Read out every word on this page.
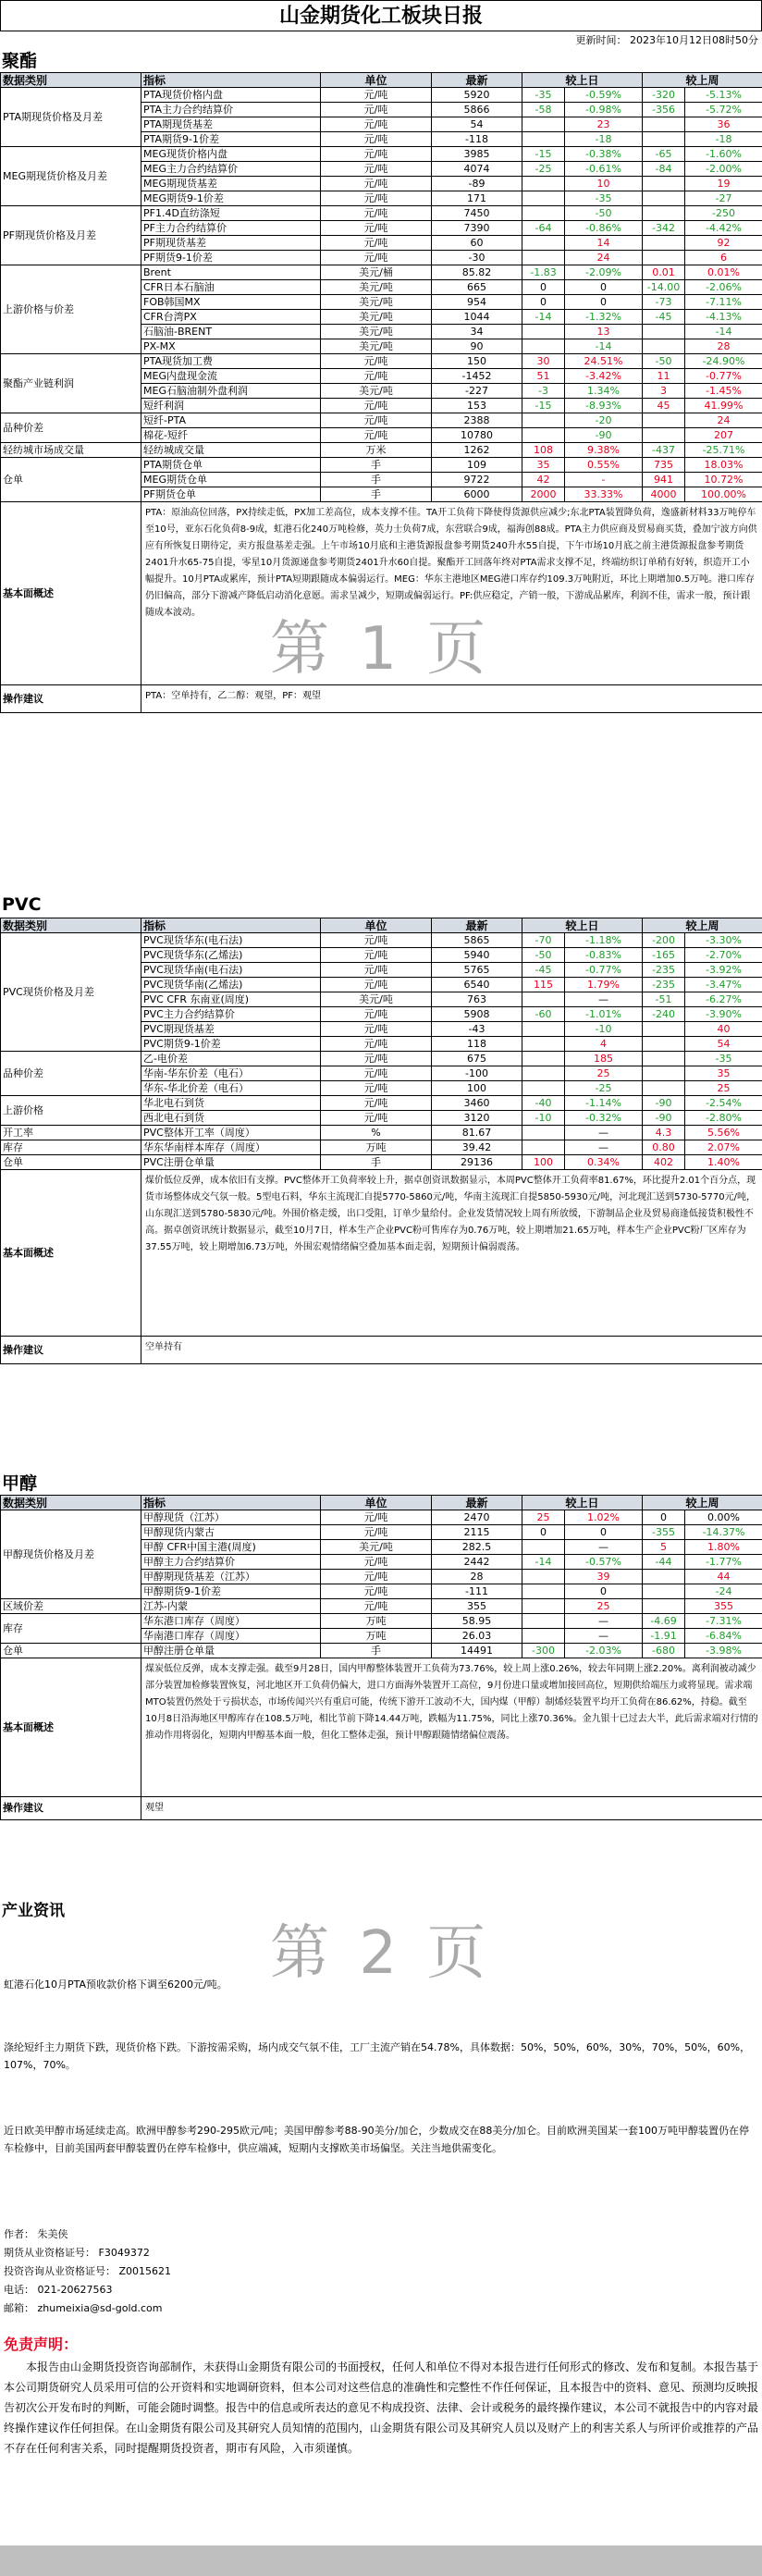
山金期货化工板块日报
更新时间： 2023年10月12日08时50分
聚酯
数据类别	指标	单位	最新	较上日		较上周	
PTA期现货价格及月差	PTA现货价格内盘	元/吨	5920	-35	-0.59%	-320	-5.13%
	PTA主力合约结算价	元/吨	5866	-58	-0.98%	-356	-5.72%
	PTA期现货基差	元/吨	54		23		36
	PTA期货9-1价差	元/吨	-118		-18		-18
MEG期现货价格及月差	MEG现货价格内盘	元/吨	3985	-15	-0.38%	-65	-1.60%
	MEG主力合约结算价	元/吨	4074	-25	-0.61%	-84	-2.00%
	MEG期现货基差	元/吨	-89		10		19
	MEG期货9-1价差	元/吨	171		-35		-27
PF期现货价格及月差	PF1.4D直纺涤短	元/吨	7450		-50		-250
	PF主力合约结算价	元/吨	7390	-64	-0.86%	-342	-4.42%
	PF期现货基差	元/吨	60		14		92
	PF期货9-1价差	元/吨	-30		24		6
上游价格与价差	Brent	美元/桶	85.82	-1.83	-2.09%	0.01	0.01%
	CFR日本石脑油	美元/吨	665	0	0	-14.00	-2.06%
	FOB韩国MX	美元/吨	954	0	0	-73	-7.11%
	CFR台湾PX	美元/吨	1044	-14	-1.32%	-45	-4.13%
	石脑油-BRENT	美元/吨	34		13		-14
	PX-MX	美元/吨	90		-14		28
聚酯产业链利润	PTA现货加工费	元/吨	150	30	24.51%	-50	-24.90%
	MEG内盘现金流	元/吨	-1452	51	-3.42%	11	-0.77%
	MEG石脑油制外盘利润	美元/吨	-227	-3	1.34%	3	-1.45%
	短纤利润	元/吨	153	-15	-8.93%	45	41.99%
品种价差	短纤-PTA	元/吨	2388		-20		24
	棉花-短纤	元/吨	10780		-90		207
轻纺城市场成交量	轻纺城成交量	万米	1262	108	9.38%	-437	-25.71%
仓单	PTA期货仓单	手	109	35	0.55%	735	18.03%
	MEG期货仓单	手	9722	42	-	941	10.72%
	PF期货仓单	手	6000	2000	33.33%	4000	100.00%
基本面概述	PTA：原油高位回落，PX持续走低，PX加工差高位，成本支撑不佳。TA开工负荷下降使得货源供应减少;东北PTA装置降负荷，逸盛新材料33万吨停车至10号，亚东石化负荷8-9成，虹港石化240万吨检修，英力士负荷7成，东营联合9成，福海创88成。PTA主力供应商及贸易商买货，叠加宁波方向供应有所恢复日期待定，卖方报盘基差走强。上午市场10月底和主港货源报盘参考期货240升水55自提，下午市场10月底之前主港货源报盘参考期货2401升水65-75自提，零星10月货源递盘参考期货2401升水60自提。聚酯开工回落年终对PTA需求支撑不足，终端纺织订单稍有好转，织造开工小幅提升。10月PTA或累库，预计PTA短期跟随成本偏弱运行。MEG：华东主港地区MEG港口库存约109.3万吨附近，环比上期增加0.5万吨。港口库存仍旧偏高，部分下游减产降低启动消化意愿。需求呈减少，短期或偏弱运行。PF:供应稳定，产销一般，下游成品累库，利润不佳，需求一般，预计跟随成本波动。						
操作建议	PTA：空单持有，乙二醇：观望，PF：观望						
第 1 页
PVC
数据类别	指标	单位	最新	较上日		较上周	
PVC现货价格及月差	PVC现货华东(电石法)	元/吨	5865	-70	-1.18%	-200	-3.30%
	PVC现货华东(乙烯法)	元/吨	5940	-50	-0.83%	-165	-2.70%
	PVC现货华南(电石法)	元/吨	5765	-45	-0.77%	-235	-3.92%
	PVC现货华南(乙烯法)	元/吨	6540	115	1.79%	-235	-3.47%
	PVC CFR 东南亚(周度)	美元/吨	763		—	-51	-6.27%
	PVC主力合约结算价	元/吨	5908	-60	-1.01%	-240	-3.90%
	PVC期现货基差	元/吨	-43		-10		40
	PVC期货9-1价差	元/吨	118		4		54
品种价差	乙-电价差	元/吨	675		185		-35
	华南-华东价差（电石）	元/吨	-100		25		35
	华东-华北价差（电石）	元/吨	100		-25		25
上游价格	华北电石到货	元/吨	3460	-40	-1.14%	-90	-2.54%
	西北电石到货	元/吨	3120	-10	-0.32%	-90	-2.80%
开工率	PVC整体开工率（周度）	%	81.67		—	4.3	5.56%
库存	华东华南样本库存（周度）	万吨	39.42		—	0.80	2.07%
仓单	PVC注册仓单量	手	29136	100	0.34%	402	1.40%
基本面概述	煤价低位反弹，成本依旧有支撑。PVC整体开工负荷率较上升，据卓创资讯数据显示，本周PVC整体开工负荷率81.67%，环比提升2.01个百分点，现货市场整体成交气氛一般。5型电石料，华东主流现汇自提5770-5860元/吨，华南主流现汇自提5850-5930元/吨，河北现汇送到5730-5770元/吨，山东现汇送到5780-5830元/吨。外围价格走缓，出口受阻，订单少量给付。企业发货情况较上周有所放缓，下游制品企业及贸易商逢低接货积极性不高。据卓创资讯统计数据显示，截至10月7日，样本生产企业PVC粉可售库存为0.76万吨，较上期增加21.65万吨，样本生产企业PVC粉厂区库存为37.55万吨，较上期增加6.73万吨，外围宏观情绪偏空叠加基本面走弱，短期预计偏弱震荡。						
操作建议	空单持有						
甲醇
数据类别	指标	单位	最新	较上日		较上周	
甲醇现货价格及月差	甲醇现货（江苏）	元/吨	2470	25	1.02%	0	0.00%
	甲醇现货内蒙古	元/吨	2115	0	0	-355	-14.37%
	甲醇 CFR中国主港(周度)	美元/吨	282.5		—	5	1.80%
	甲醇主力合约结算价	元/吨	2442	-14	-0.57%	-44	-1.77%
	甲醇期现货基差（江苏）	元/吨	28		39		44
	甲醇期货9-1价差	元/吨	-111		0		-24
区域价差	江苏-内蒙	元/吨	355		25		355
库存	华东港口库存（周度）	万吨	58.95		—	-4.69	-7.31%
	华南港口库存（周度）	万吨	26.03		—	-1.91	-6.84%
仓单	甲醇注册仓单量	手	14491	-300	-2.03%	-680	-3.98%
基本面概述	煤炭低位反弹，成本支撑走强。截至9月28日，国内甲醇整体装置开工负荷为73.76%，较上周上涨0.26%，较去年同期上涨2.20%。离利润被动减少部分装置加检修装置恢复，河北地区开工负荷仍偏大，进口方面海外装置开工高位，9月份进口量或增加接回高位，短期供给端压力或将显现。需求端MTO装置仍然处于亏损状态，市场传闻兴兴有重启可能，传统下游开工波动不大，国内煤（甲醇）制烯烃装置平均开工负荷在86.62%，持稳。截至10月8日沿海地区甲醇库存在108.5万吨，相比节前下降14.44万吨，跌幅为11.75%，同比上涨70.36%。金九银十已过去大半，此后需求端对行情的推动作用将弱化，短期内甲醇基本面一般，但化工整体走强，预计甲醇跟随情绪偏位震荡。						
操作建议	观望						
第 2 页
产业资讯
虹港石化10月PTA预收款价格下调至6200元/吨。
涤纶短纤主力期货下跌，现货价格下跌。下游按需采购，场内成交气氛不佳，工厂主流产销在54.78%，具体数据：50%，50%，60%，30%，70%，50%，60%，107%，70%。
近日欧美甲醇市场延续走高。欧洲甲醇参考290-295欧元/吨；美国甲醇参考88-90美分/加仑，少数成交在88美分/加仑。目前欧洲美国某一套100万吨甲醇装置仍在停车检修中，目前美国两套甲醇装置仍在停车检修中，供应端减，短期内支撑欧美市场偏坚。关注当地供需变化。
作者： 朱美侠
期货从业资格证号： F3049372
投资咨询从业资格证号： Z0015621
电话： 021-20627563
邮箱： zhumeixia@sd-gold.com
免责声明：
本报告由山金期货投资咨询部制作，未获得山金期货有限公司的书面授权，任何人和单位不得对本报告进行任何形式的修改、发布和复制。本报告基于本公司期货研究人员采用可信的公开资料和实地调研资料，但本公司对这些信息的准确性和完整性不作任何保证，且本报告中的资料、意见、预测均反映报告初次公开发布时的判断，可能会随时调整。报告中的信息或所表达的意见不构成投资、法律、会计或税务的最终操作建议，本公司不就报告中的内容对最终操作建议作任何担保。在山金期货有限公司及其研究人员知情的范围内，山金期货有限公司及其研究人员以及财产上的利害关系人与所评价或推荐的产品不存在任何利害关系，同时提醒期货投资者，期市有风险，入市须谨慎。
